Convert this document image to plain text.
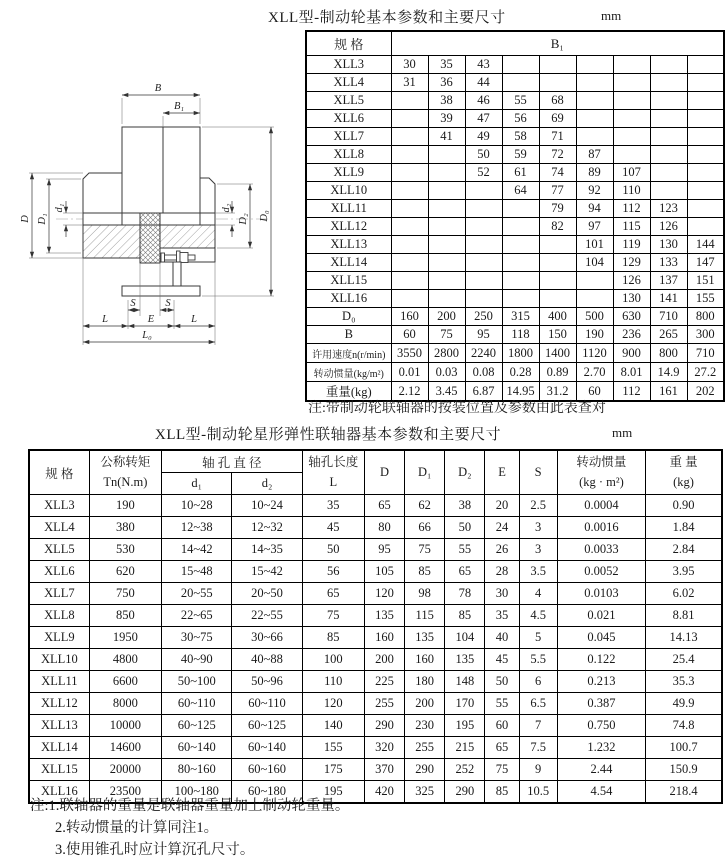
XLL型-制动轮基本参数和主要尺寸	mm
B
B₁
D D₁
d₁	d₂
D₂ D₀
S	S
L	E	L
L₀
规 格	B₁								
XLL3	30	35	43						
XLL4	31	36	44						
XLL5		38	46	55	68				
XLL6		39	47	56	69				
XLL7		41	49	58	71				
XLL8			50	59	72	87			
XLL9			52	61	74	89	107		
XLL10				64	77	92	110		
XLL11					79	94	112	123	
XLL12					82	97	115	126	
XLL13						101	119	130	144
XLL14						104	129	133	147
XLL15							126	137	151
XLL16							130	141	155
D₀	160	200	250	315	400	500	630	710	800
B	60	75	95	118	150	190	236	265	300
许用速度n(r/min)	3550	2800	2240	1800	1400	1120	900	800	710
转动惯量(kg/m²)	0.01	0.03	0.08	0.28	0.89	2.70	8.01	14.9	27.2
重量(kg)	2.12	3.45	6.87	14.95	31.2	60	112	161	202
注:带制动轮联轴器的按装位置及参数由此表查对
XLL型-制动轮星形弹性联轴器基本参数和主要尺寸	mm
规 格	
公称转矩
Tn(N.m)
	轴 孔 直 径	轴孔长度
L
	D	D₁	D₂	E	S	
转动惯量
(kg · m²)

重 量
(kg)

		d₁	d₂								
XLL3	190	10~28	10~24	35	65	62	38	20	2.5	0.0004	0.90
XLL4	380	12~38	12~32	45	80	66	50	24	3	0.0016	1.84
XLL5	530	14~42	14~35	50	95	75	55	26	3	0.0033	2.84
XLL6	620	15~48	15~42	56	105	85	65	28	3.5	0.0052	3.95
XLL7	750	20~55	20~50	65	120	98	78	30	4	0.0103	6.02
XLL8	850	22~65	22~55	75	135	115	85	35	4.5	0.021	8.81
XLL9	1950	30~75	30~66	85	160	135	104	40	5	0.045	14.13
XLL10	4800	40~90	40~88	100	200	160	135	45	5.5	0.122	25.4
XLL11	6600	50~100	50~96	110	225	180	148	50	6	0.213	35.3
XLL12	8000	60~110	60~110	120	255	200	170	55	6.5	0.387	49.9
XLL13	10000	60~125	60~125	140	290	230	195	60	7	0.750	74.8
XLL14	14600	60~140	60~140	155	320	255	215	65	7.5	1.232	100.7
XLL15	20000	80~160	60~160	175	370	290	252	75	9	2.44	150.9
XLL16	23500	100~180	60~180	195	420	325	290	85	10.5	4.54	218.4
注:1.联轴器的重量是联轴器重量加上制动轮重量。
2.转动惯量的计算同注1。
3.使用锥孔时应计算沉孔尺寸。
